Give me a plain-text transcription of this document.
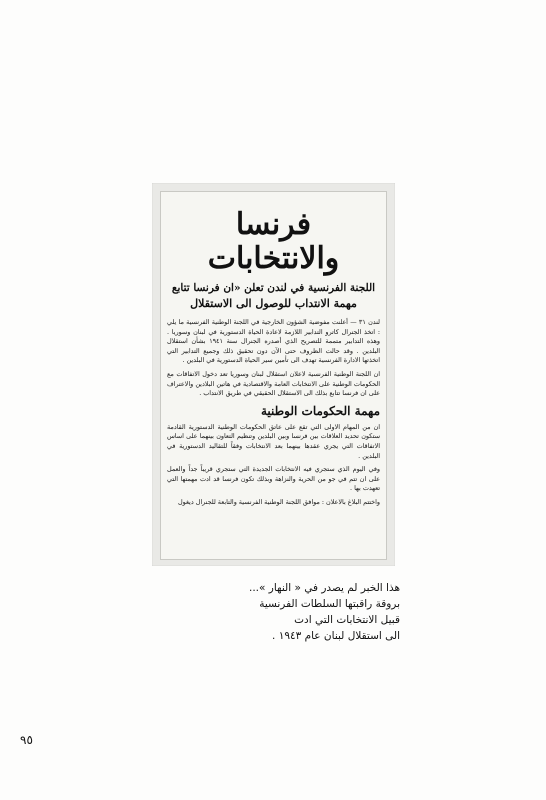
فرنسا والانتخابات
اللجنة الفرنسية في لندن تعلن «ان فرنسا تتابع
مهمة الانتداب للوصول الى الاستقلال

لندن ٣١ — أعلنت مفوضية الشؤون الخارجية في اللجنة الوطنية الفرنسية ما يلي : اتخذ الجنرال كاترو التدابير اللازمة لاعادة الحياة الدستورية في لبنان وسوريا . وهذه التدابير متممة للتصريح الذي أصدره الجنرال سنة ١٩٤١ بشأن استقلال البلدين . وقد حالت الظروف حتى الآن دون تحقيق ذلك وجميع التدابير التي اتخذتها الادارة الفرنسية تهدف الى تأمين سير الحياة الدستورية في البلدين .

ان اللجنة الوطنية الفرنسية لاعلان استقلال لبنان وسوريا تعد دخول الاتفاقات مع الحكومات الوطنية على الانتخابات العامة والاقتصادية في هاتين البلادين والاعتراف على ان فرنسا تتابع بذلك الى الاستقلال الحقيقي في طريق الانتداب .

مهمة الحكومات الوطنية

ان من المهام الاولى التي تقع على عاتق الحكومات الوطنية الدستورية القادمة ستكون تحديد العلاقات بين فرنسا وبين البلدين وتنظيم التعاون بينهما على اساس الاتفاقات التي يجري عقدها بينهما بعد الانتخابات وفقاً للتقاليد الدستورية في البلدين .

وفي اليوم الذي ستجري فيه الانتخابات الجديدة التي ستجري قريباً جداً والعمل على ان تتم في جو من الحرية والنزاهة وبذلك تكون فرنسا قد ادت مهمتها التي تعهدت بها .

واختتم البلاغ بالاعلان : موافق اللجنة الوطنية الفرنسية والتابعة للجنرال ديغول

هذا الخبر لم يصدر في « النهار »...
بروقة راقبتها السلطات الفرنسية
قبيل الانتخابات التي ادت
الى استقلال لبنان عام ١٩٤٣ .
٩٥
